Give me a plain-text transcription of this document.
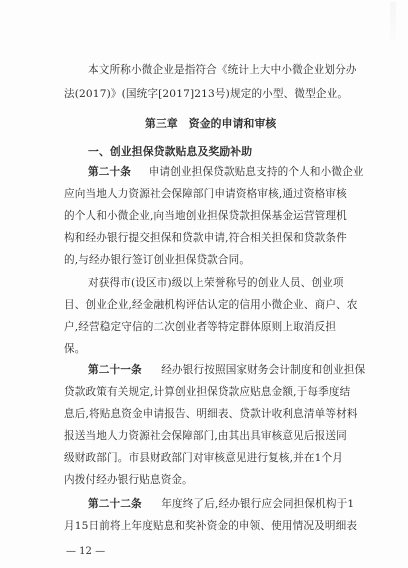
本文所称小微企业是指符合《统计上大中小微企业划分办
法(2017)》(国统字[2017]213号)规定的小型、微型企业。
第三章　资金的申请和审核
一、创业担保贷款贴息及奖励补助
第二十条 　申请创业担保贷款贴息支持的个人和小微企业
应向当地人力资源社会保障部门申请资格审核,通过资格审核
的个人和小微企业,向当地创业担保贷款担保基金运营管理机
构和经办银行提交担保和贷款申请,符合相关担保和贷款条件
的,与经办银行签订创业担保贷款合同。
对获得市(设区市)级以上荣誉称号的创业人员、创业项
目、创业企业,经金融机构评估认定的信用小微企业、商户、农
户,经营稳定守信的二次创业者等特定群体原则上取消反担
保。
第二十一条 　经办银行按照国家财务会计制度和创业担保
贷款政策有关规定,计算创业担保贷款应贴息金额,于每季度结
息后,将贴息资金申请报告、明细表、贷款计收利息清单等材料
报送当地人力资源社会保障部门,由其出具审核意见后报送同
级财政部门。市县财政部门对审核意见进行复核,并在1个月
内拨付经办银行贴息资金。
第二十二条 　年度终了后,经办银行应会同担保机构于1
月15日前将上年度贴息和奖补资金的申领、使用情况及明细表
— 12 —
